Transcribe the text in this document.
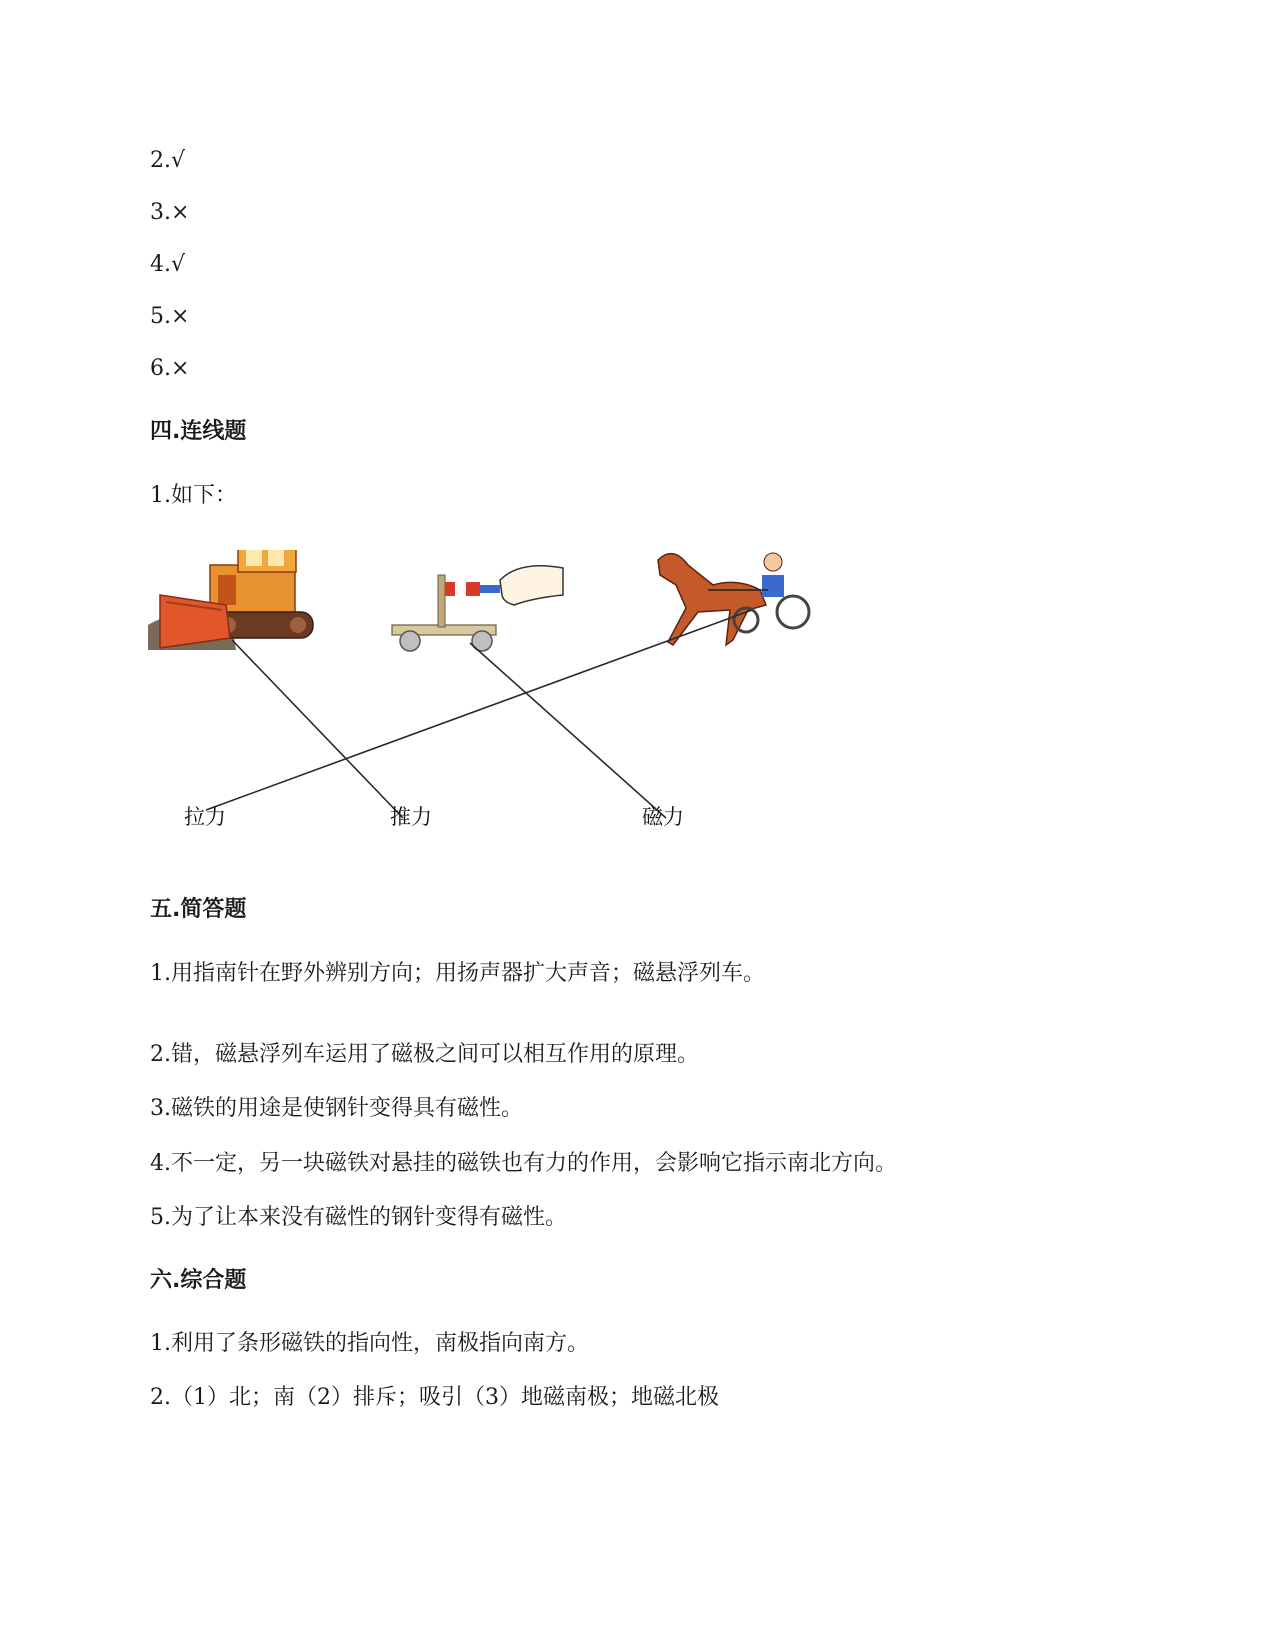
2.√
3.×
4.√
5.×
6.×
四.连线题
1.如下：
拉力	推力	磁力
五.简答题
1.用指南针在野外辨别方向；用扬声器扩大声音；磁悬浮列车。
2.错，磁悬浮列车运用了磁极之间可以相互作用的原理。
3.磁铁的用途是使钢针变得具有磁性。
4.不一定，另一块磁铁对悬挂的磁铁也有力的作用，会影响它指示南北方向。
5.为了让本来没有磁性的钢针变得有磁性。
六.综合题
1.利用了条形磁铁的指向性，南极指向南方。
2.（1）北；南（2）排斥；吸引（3）地磁南极；地磁北极
